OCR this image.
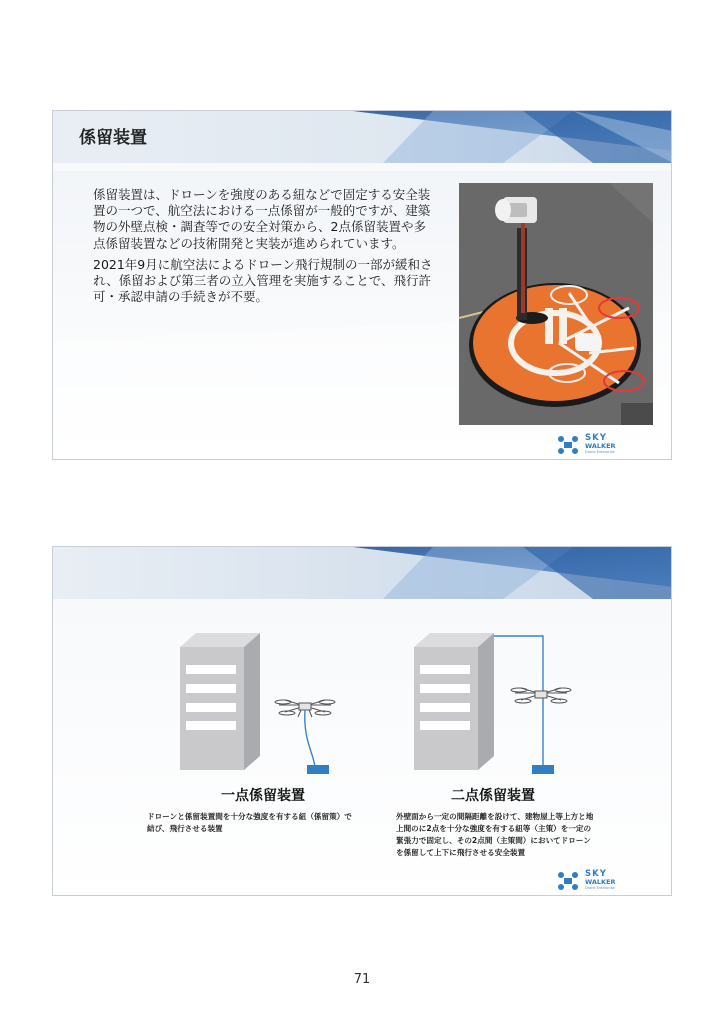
係留装置

係留装置は、ドローンを強度のある紐などで固定する安全装置の一つで、航空法における一点係留が一般的ですが、建築物の外壁点検・調査等での安全対策から、2点係留装置や多点係留装置などの技術開発と実装が進められています。

2021年9月に航空法によるドローン飛行規制の一部が緩和され、係留および第三者の立入管理を実施することで、飛行許可・承認申請の手続きが不要。

SKY
WALKER
Drone Enterprise
一点係留装置
ドローンと係留装置間を十分な強度を有する紐（係留策）で結び、飛行させる装置
二点係留装置
外壁面から一定の間隔距離を設けて、建物屋上等上方と地上間のに2点を十分な強度を有する紐等（主策）を一定の緊張力で固定し、その2点間（主策間）においてドローンを係留して上下に飛行させる安全装置
SKY
WALKER
Drone Enterprise
71
